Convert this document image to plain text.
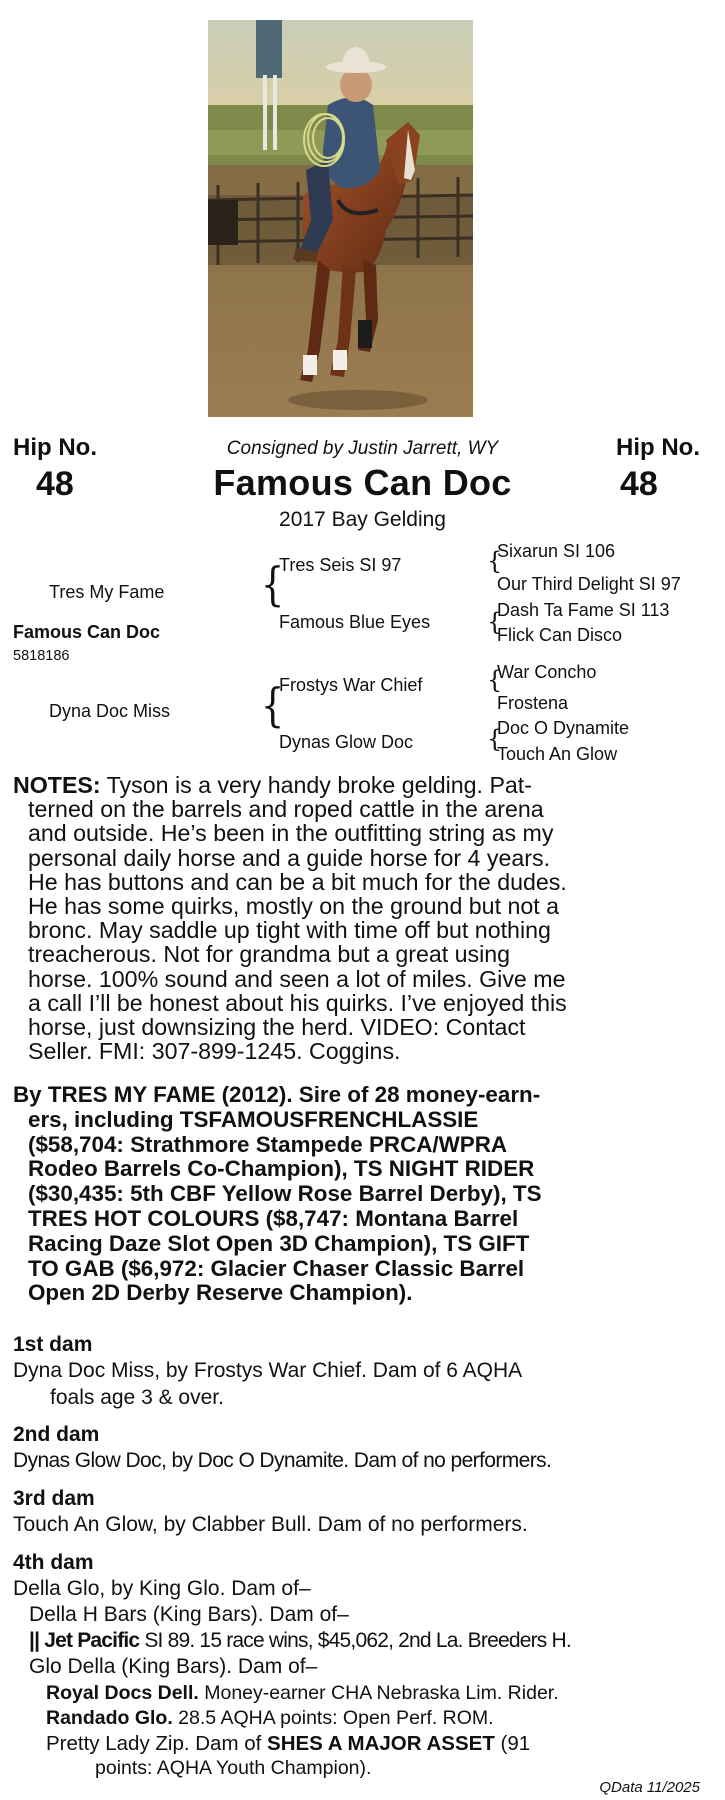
Hip No.
48
Hip No.
48
Consigned by Justin Jarrett, WY
Famous Can Doc
2017 Bay Gelding
Tres My Fame
Famous Can Doc
5818186
Dyna Doc Miss
{
Tres Seis SI 97
Famous Blue Eyes
{
Frostys War Chief
Dynas Glow Doc
{
Sixarun SI 106
Our Third Delight SI 97
{
Dash Ta Fame SI 113
Flick Can Disco
{
War Concho
Frostena
{
Doc O Dynamite
Touch An Glow
NOTES: Tyson is a very handy broke gelding. Pat-
terned on the barrels and roped cattle in the arena
and outside. He’s been in the outfitting string as my
personal daily horse and a guide horse for 4 years.
He has buttons and can be a bit much for the dudes.
He has some quirks, mostly on the ground but not a
bronc. May saddle up tight with time off but nothing
treacherous. Not for grandma but a great using
horse. 100% sound and seen a lot of miles. Give me
a call I’ll be honest about his quirks. I’ve enjoyed this
horse, just downsizing the herd. VIDEO: Contact
Seller. FMI: 307-899-1245. Coggins.
By TRES MY FAME (2012). Sire of 28 money-earn-
ers, including TSFAMOUSFRENCHLASSIE
($58,704: Strathmore Stampede PRCA/WPRA
Rodeo Barrels Co-Champion), TS NIGHT RIDER
($30,435: 5th CBF Yellow Rose Barrel Derby), TS
TRES HOT COLOURS ($8,747: Montana Barrel
Racing Daze Slot Open 3D Champion), TS GIFT
TO GAB ($6,972: Glacier Chaser Classic Barrel
Open 2D Derby Reserve Champion).
1st dam
Dyna Doc Miss, by Frostys War Chief. Dam of 6 AQHA
foals age 3 & over.
2nd dam
Dynas Glow Doc, by Doc O Dynamite. Dam of no performers.
3rd dam
Touch An Glow, by Clabber Bull. Dam of no performers.
4th dam
Della Glo, by King Glo. Dam of–
Della H Bars (King Bars). Dam of–
|| Jet Pacific SI 89. 15 race wins, $45,062, 2nd La. Breeders H.
Glo Della (King Bars). Dam of–
Royal Docs Dell. Money-earner CHA Nebraska Lim. Rider.
Randado Glo. 28.5 AQHA points: Open Perf. ROM.
Pretty Lady Zip. Dam of SHES A MAJOR ASSET (91
points: AQHA Youth Champion).
QData 11/2025
